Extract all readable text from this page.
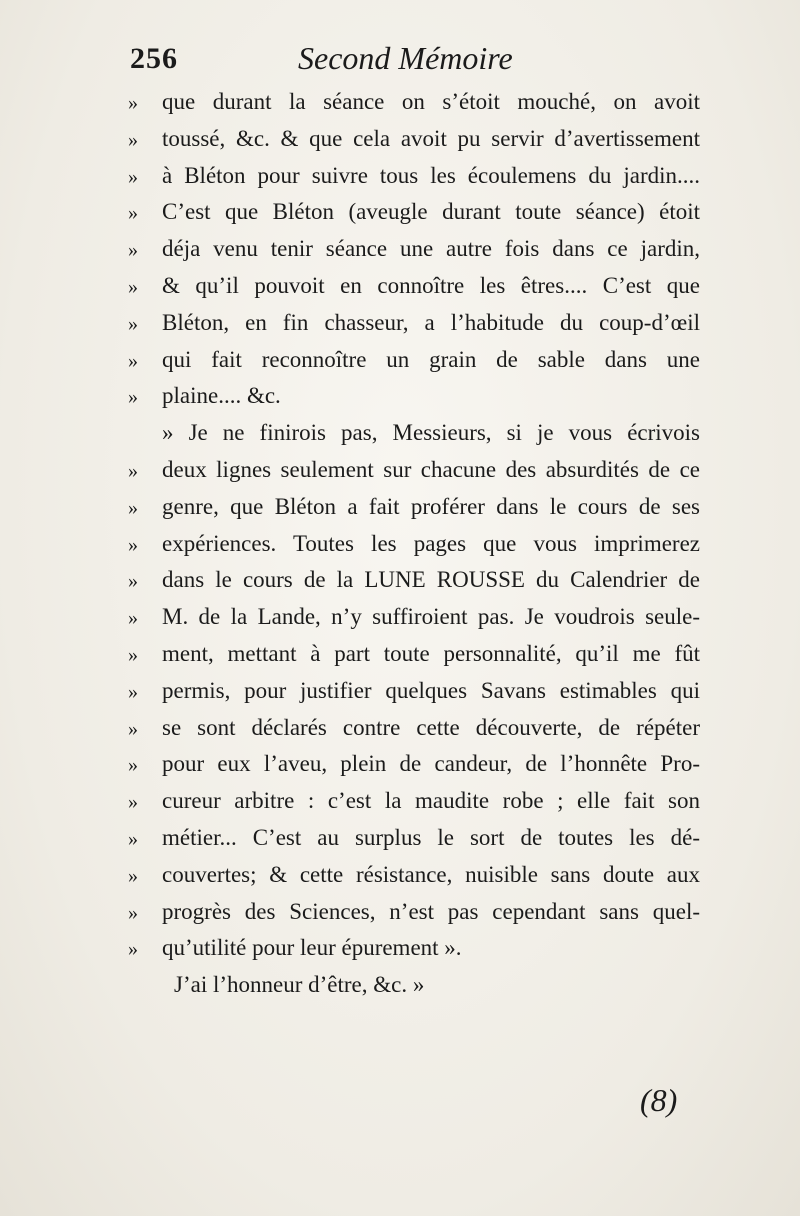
256	Second Mémoire
»	que durant la séance on s’étoit mouché, on avoit
»	toussé, &c. & que cela avoit pu servir d’avertissement
»	à Bléton pour suivre tous les écoulemens du jardin....
»	C’est que Bléton (aveugle durant toute séance) étoit
»	déja venu tenir séance une autre fois dans ce jardin,
»	& qu’il pouvoit en connoître les êtres.... C’est que
»	Bléton, en fin chasseur, a l’habitude du coup-d’œil
»	qui fait reconnoître un grain de sable dans une
»	plaine.... &c.
» Je ne finirois pas, Messieurs, si je vous écrivois
»	deux lignes seulement sur chacune des absurdités de ce
»	genre, que Bléton a fait proférer dans le cours de ses
»	expériences. Toutes les pages que vous imprimerez
»	dans le cours de la LUNE ROUSSE du Calendrier de
»	M. de la Lande, n’y suffiroient pas. Je voudrois seule-
»	ment, mettant à part toute personnalité, qu’il me fût
»	permis, pour justifier quelques Savans estimables qui
»	se sont déclarés contre cette découverte, de répéter
»	pour eux l’aveu, plein de candeur, de l’honnête Pro-
»	cureur arbitre : c’est la maudite robe ; elle fait son
»	métier... C’est au surplus le sort de toutes les dé-
»	couvertes; & cette résistance, nuisible sans doute aux
»	progrès des Sciences, n’est pas cependant sans quel-
»	qu’utilité pour leur épurement ».
J’ai l’honneur d’être, &c. »
(8)
